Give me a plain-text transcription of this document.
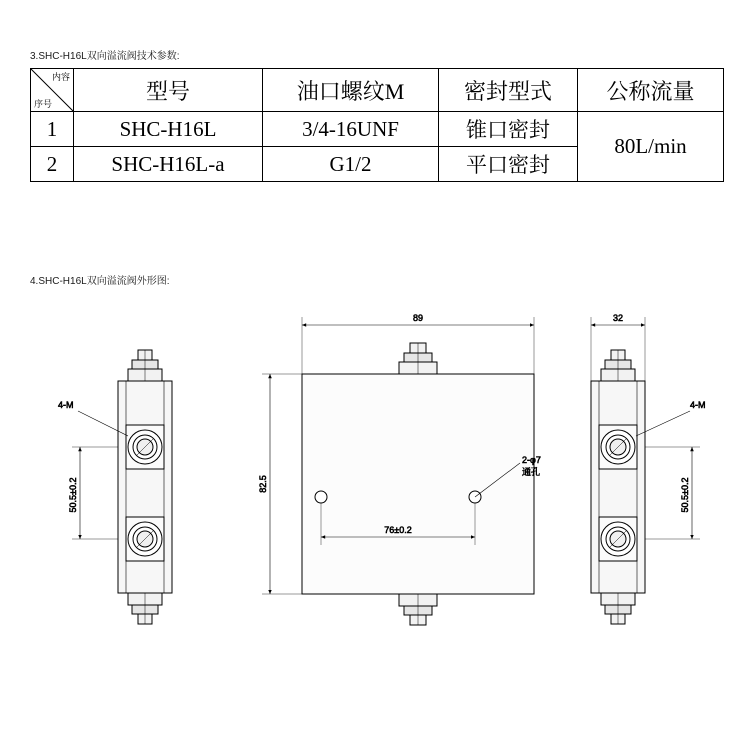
3.SHC-H16L双向溢流阀技术参数:
内容
序号	型号	油口螺纹M	密封型式	公称流量
1	SHC-H16L	3/4-16UNF	锥口密封	80L/min
2	SHC-H16L-a	G1/2	平口密封	
4.SHC-H16L双向溢流阀外形图:
4-M
50.5±0.2
89
82.5
76±0.2
2-φ7
通孔
32
4-M
50.5±0.2
